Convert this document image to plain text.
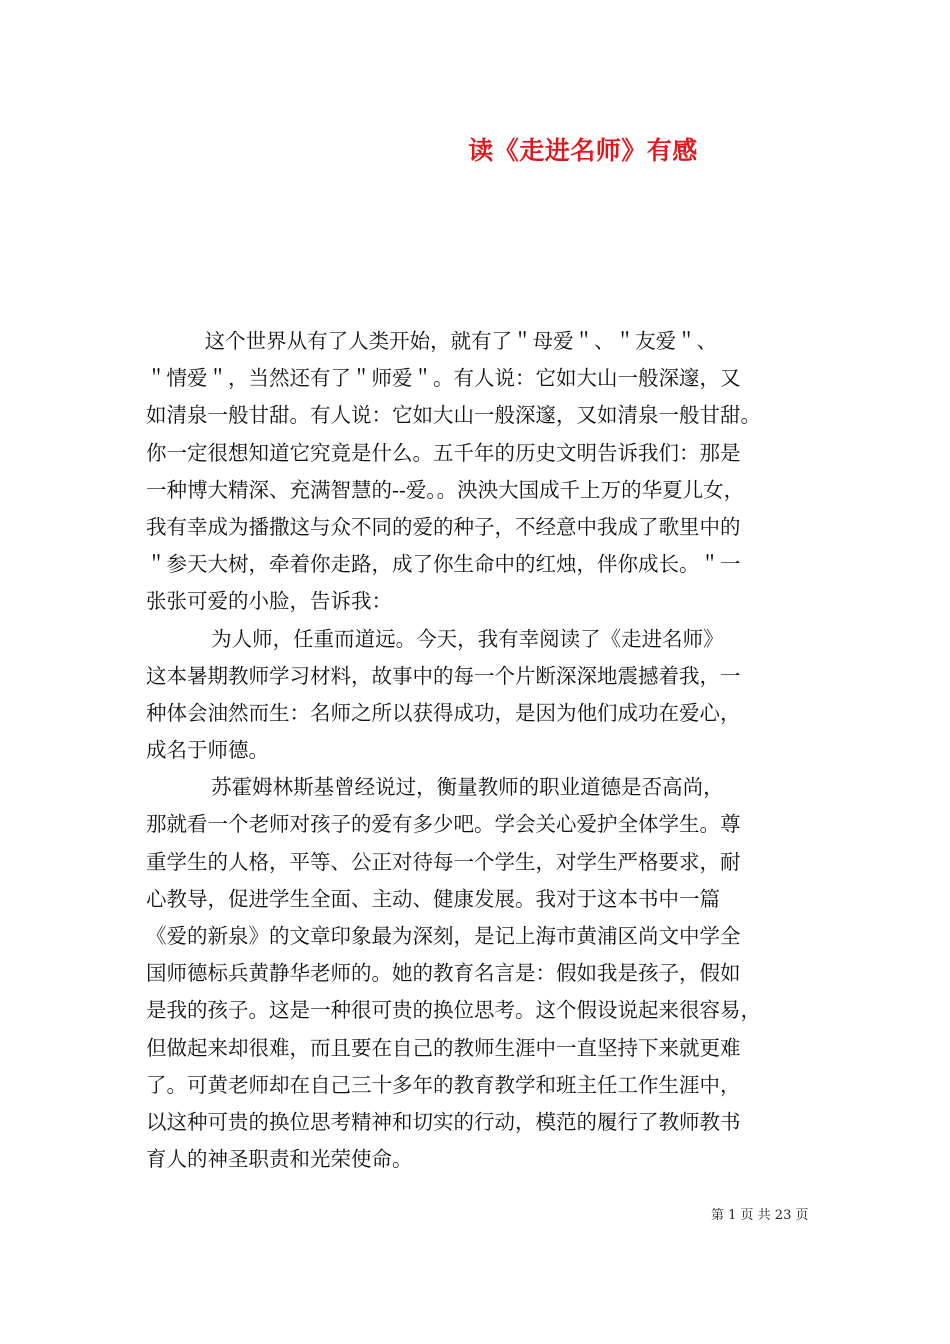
读《走进名师》有感
这个世界从有了人类开始，就有了＂母爱＂、＂友爱＂、
＂情爱＂，当然还有了＂师爱＂。有人说：它如大山一般深邃，又
如清泉一般甘甜。有人说：它如大山一般深邃，又如清泉一般甘甜。
你一定很想知道它究竟是什么。五千年的历史文明告诉我们：那是
一种博大精深、充满智慧的--爱。。泱泱大国成千上万的华夏儿女，
我有幸成为播撒这与众不同的爱的种子，不经意中我成了歌里中的
＂参天大树，牵着你走路，成了你生命中的红烛，伴你成长。＂一
张张可爱的小脸，告诉我：
为人师，任重而道远。今天，我有幸阅读了《走进名师》
这本暑期教师学习材料，故事中的每一个片断深深地震撼着我，一
种体会油然而生：名师之所以获得成功，是因为他们成功在爱心，
成名于师德。
苏霍姆林斯基曾经说过，衡量教师的职业道德是否高尚，
那就看一个老师对孩子的爱有多少吧。学会关心爱护全体学生。尊
重学生的人格，平等、公正对待每一个学生，对学生严格要求，耐
心教导，促进学生全面、主动、健康发展。我对于这本书中一篇
《爱的新泉》的文章印象最为深刻，是记上海市黄浦区尚文中学全
国师德标兵黄静华老师的。她的教育名言是：假如我是孩子，假如
是我的孩子。这是一种很可贵的换位思考。这个假设说起来很容易，
但做起来却很难，而且要在自己的教师生涯中一直坚持下来就更难
了。可黄老师却在自己三十多年的教育教学和班主任工作生涯中，
以这种可贵的换位思考精神和切实的行动，模范的履行了教师教书
育人的神圣职责和光荣使命。
第 1 页 共 23 页
